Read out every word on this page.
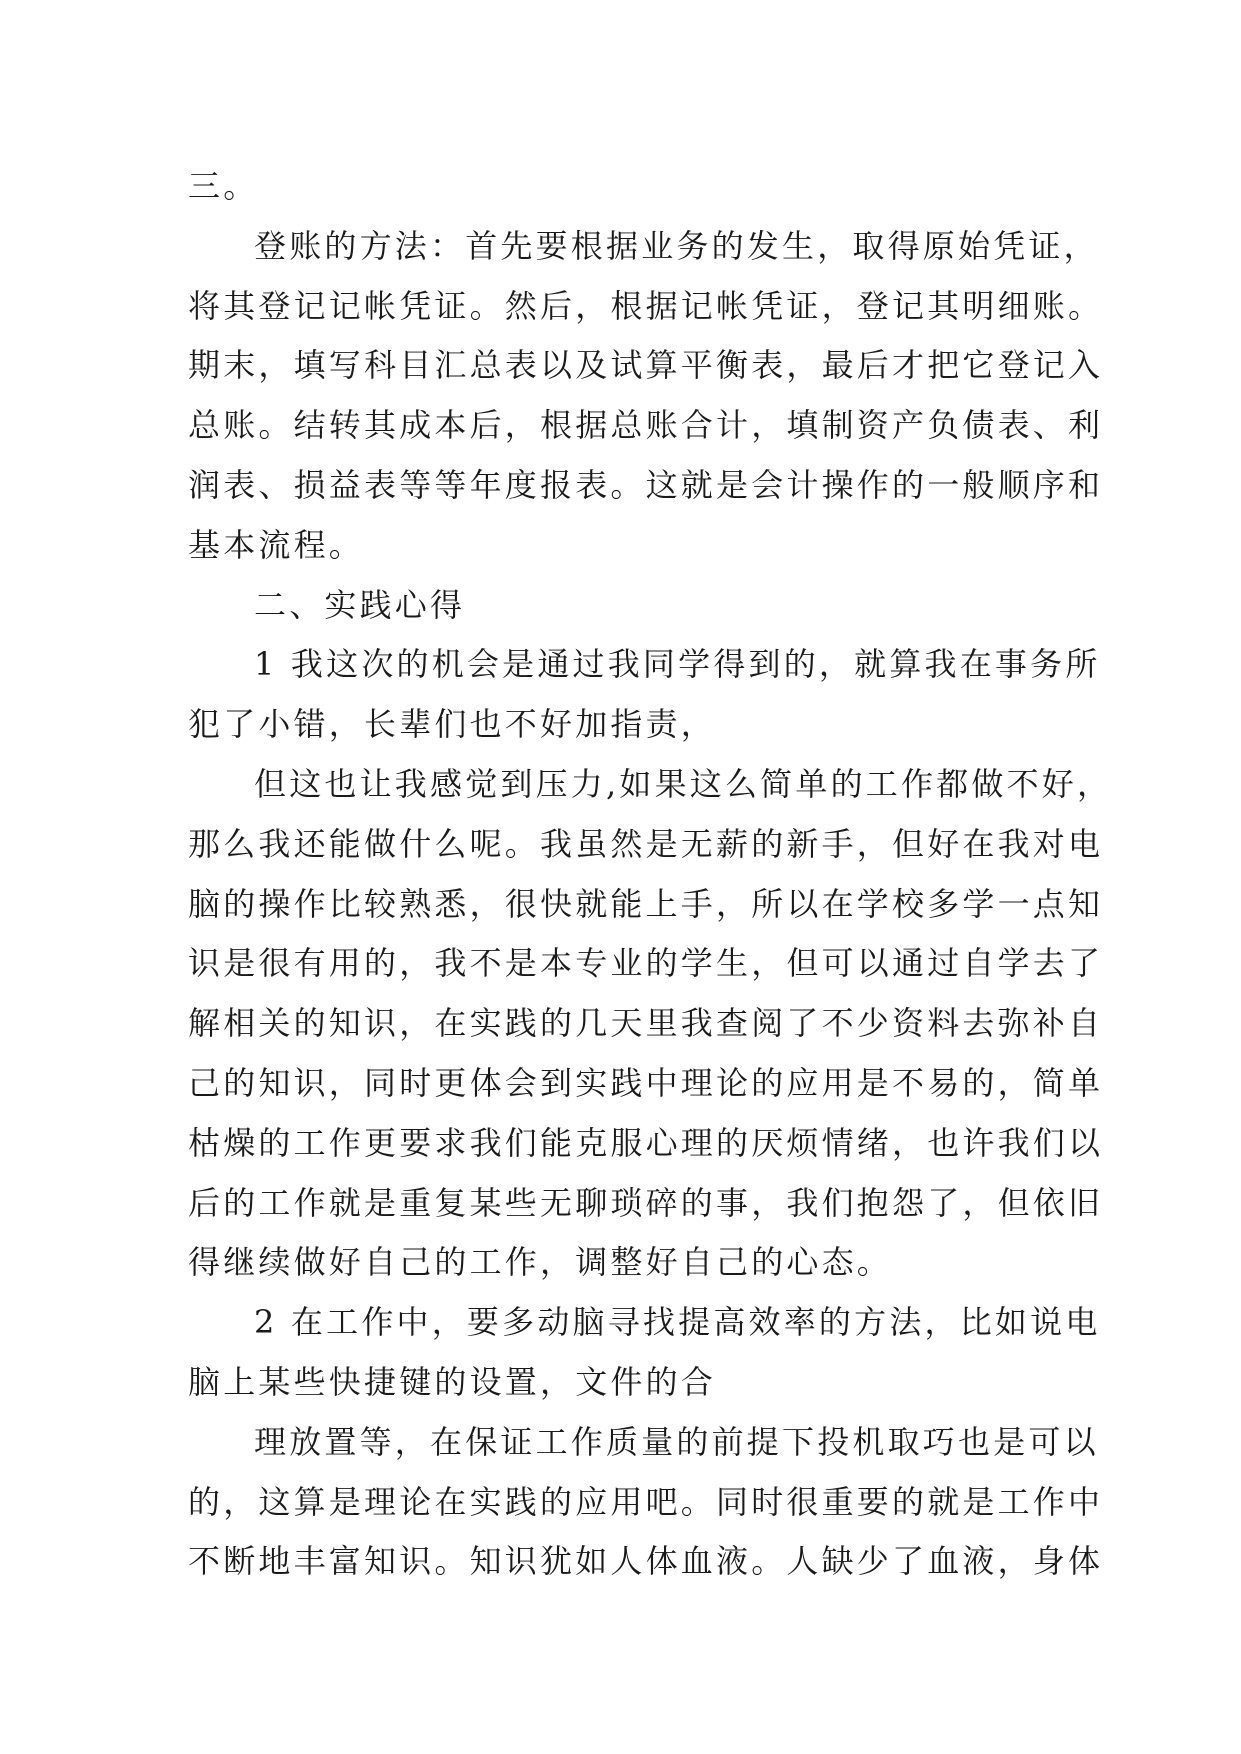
三。
登账的方法：首先要根据业务的发生，取得原始凭证，
将其登记记帐凭证。然后，根据记帐凭证，登记其明细账。
期末，填写科目汇总表以及试算平衡表，最后才把它登记入
总账。结转其成本后，根据总账合计，填制资产负债表、利
润表、损益表等等年度报表。这就是会计操作的一般顺序和
基本流程。
二、实践心得
1 我这次的机会是通过我同学得到的，就算我在事务所
犯了小错，长辈们也不好加指责，
但这也让我感觉到压力,如果这么简单的工作都做不好，
那么我还能做什么呢。我虽然是无薪的新手，但好在我对电
脑的操作比较熟悉，很快就能上手，所以在学校多学一点知
识是很有用的，我不是本专业的学生，但可以通过自学去了
解相关的知识，在实践的几天里我查阅了不少资料去弥补自
己的知识，同时更体会到实践中理论的应用是不易的，简单
枯燥的工作更要求我们能克服心理的厌烦情绪，也许我们以
后的工作就是重复某些无聊琐碎的事，我们抱怨了，但依旧
得继续做好自己的工作，调整好自己的心态。
2 在工作中，要多动脑寻找提高效率的方法，比如说电
脑上某些快捷键的设置，文件的合
理放置等，在保证工作质量的前提下投机取巧也是可以
的，这算是理论在实践的应用吧。同时很重要的就是工作中
不断地丰富知识。知识犹如人体血液。人缺少了血液，身体
